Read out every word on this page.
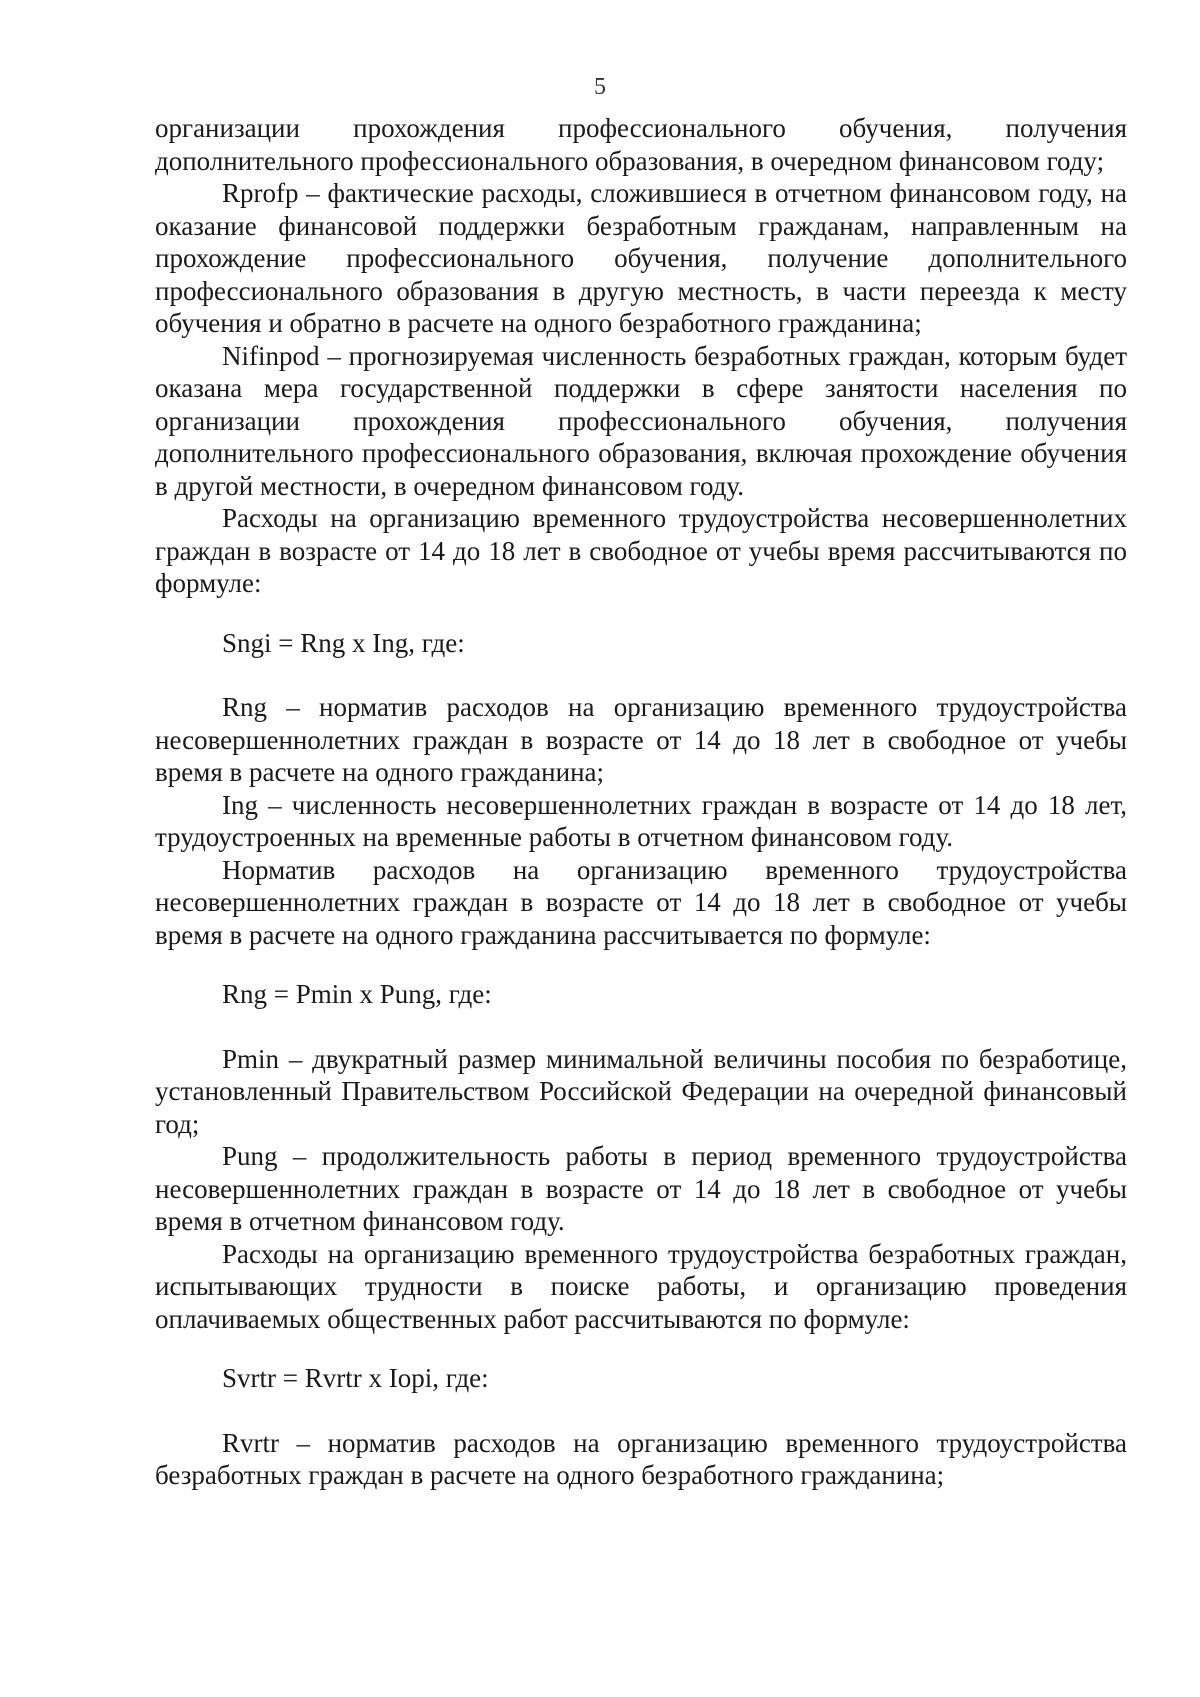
5

организации прохождения профессионального обучения, получения дополнительного профессионального образования, в очередном финансовом году;

Rprofp – фактические расходы, сложившиеся в отчетном финансовом году, на оказание финансовой поддержки безработным гражданам, направленным на прохождение профессионального обучения, получение дополнительного профессионального образования в другую местность, в части переезда к месту обучения и обратно в расчете на одного безработного гражданина;

Nifinpod – прогнозируемая численность безработных граждан, которым будет оказана мера государственной поддержки в сфере занятости населения по организации прохождения профессионального обучения, получения дополнительного профессионального образования, включая прохождение обучения в другой местности, в очередном финансовом году.

Расходы на организацию временного трудоустройства несовершеннолетних граждан в возрасте от 14 до 18 лет в свободное от учебы время рассчитываются по формуле:

Sngi = Rng х Ing, где:

Rng – норматив расходов на организацию временного трудоустройства несовершеннолетних граждан в возрасте от 14 до 18 лет в свободное от учебы время в расчете на одного гражданина;

Ing – численность несовершеннолетних граждан в возрасте от 14 до 18 лет, трудоустроенных на временные работы в отчетном финансовом году.

Норматив расходов на организацию временного трудоустройства несовершеннолетних граждан в возрасте от 14 до 18 лет в свободное от учебы время в расчете на одного гражданина рассчитывается по формуле:

Rng = Pmin х Pung, где:

Pmin – двукратный размер минимальной величины пособия по безработице, установленный Правительством Российской Федерации на очередной финансовый год;

Pung – продолжительность работы в период временного трудоустройства несовершеннолетних граждан в возрасте от 14 до 18 лет в свободное от учебы время в отчетном финансовом году.

Расходы на организацию временного трудоустройства безработных граждан, испытывающих трудности в поиске работы, и организацию проведения оплачиваемых общественных работ рассчитываются по формуле:

Svrtr = Rvrtr х Iopi, где:

Rvrtr – норматив расходов на организацию временного трудоустройства безработных граждан в расчете на одного безработного гражданина;
